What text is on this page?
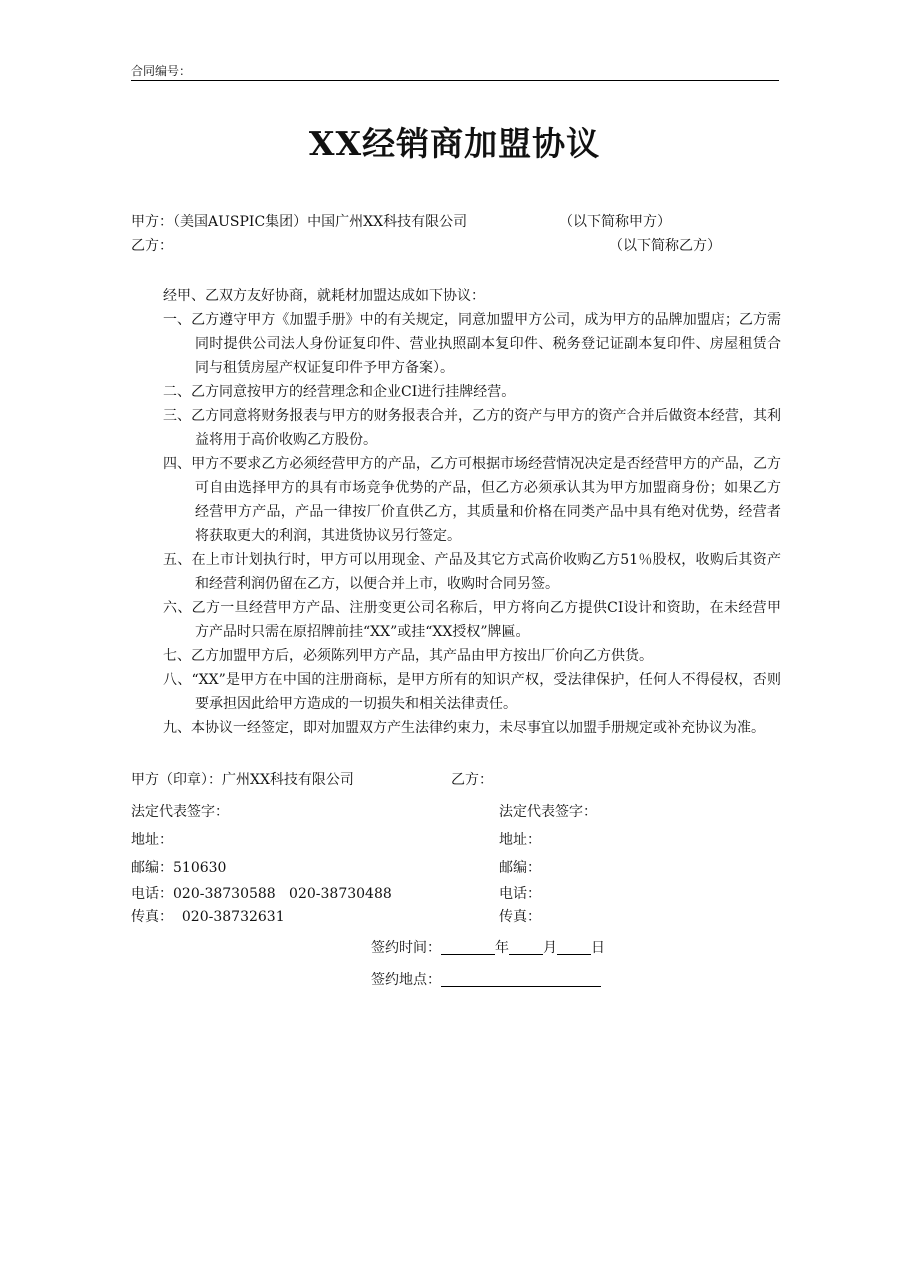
合同编号：
XX经销商加盟协议
甲方：（美国AUSPIC集团）中国广州XX科技有限公司	（以下简称甲方）
乙方：	（以下简称乙方）
经甲、乙双方友好协商，就耗材加盟达成如下协议：
一、乙方遵守甲方《加盟手册》中的有关规定，同意加盟甲方公司，成为甲方的品牌加盟店；乙方需同时提供公司法人身份证复印件、营业执照副本复印件、税务登记证副本复印件、房屋租赁合同与租赁房屋产权证复印件予甲方备案）。
二、乙方同意按甲方的经营理念和企业CI进行挂牌经营。
三、乙方同意将财务报表与甲方的财务报表合并，乙方的资产与甲方的资产合并后做资本经营，其利益将用于高价收购乙方股份。
四、甲方不要求乙方必须经营甲方的产品，乙方可根据市场经营情况决定是否经营甲方的产品，乙方可自由选择甲方的具有市场竞争优势的产品，但乙方必须承认其为甲方加盟商身份；如果乙方经营甲方产品，产品一律按厂价直供乙方，其质量和价格在同类产品中具有绝对优势，经营者将获取更大的利润，其进货协议另行签定。
五、在上市计划执行时，甲方可以用现金、产品及其它方式高价收购乙方51％股权，收购后其资产和经营利润仍留在乙方，以便合并上市，收购时合同另签。
六、乙方一旦经营甲方产品、注册变更公司名称后，甲方将向乙方提供CI设计和资助，在未经营甲方产品时只需在原招牌前挂“XX”或挂“XX授权”牌匾。
七、乙方加盟甲方后，必须陈列甲方产品，其产品由甲方按出厂价向乙方供货。
八、“XX”是甲方在中国的注册商标，是甲方所有的知识产权，受法律保护，任何人不得侵权，否则要承担因此给甲方造成的一切损失和相关法律责任。
九、本协议一经签定，即对加盟双方产生法律约束力，未尽事宜以加盟手册规定或补充协议为准。
甲方（印章）：广州XX科技有限公司	乙方：
法定代表签字：	法定代表签字：
地址：	地址：
邮编：510630	邮编：
电话：020-38730588   020-38730488	电话：
传真：  020-38732631	传真：
签约时间：	年 月 日
签约地点：
